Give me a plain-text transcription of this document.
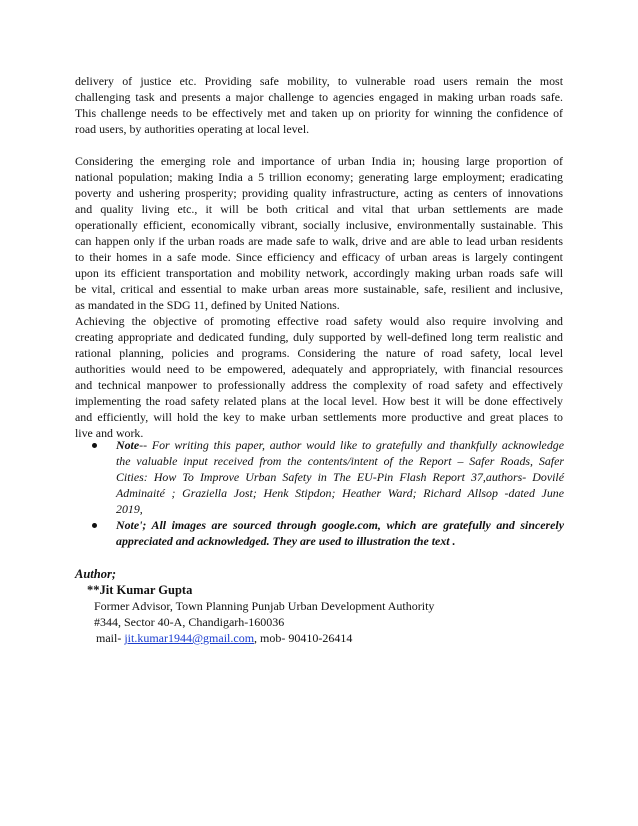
delivery of justice etc. Providing safe mobility, to vulnerable road users remain the most
challenging task and presents a major challenge to agencies engaged in making urban roads safe.
This challenge needs to be effectively met and taken up on priority for winning the confidence of
road users, by authorities operating at local level.
Considering the emerging role and importance of urban India in; housing large proportion of
national population; making India a 5 trillion economy; generating large employment; eradicating
poverty and ushering prosperity; providing quality infrastructure, acting as centers of innovations
and quality living etc., it will be both critical and vital that urban settlements are made
operationally efficient, economically vibrant, socially inclusive, environmentally sustainable. This
can happen only if the urban roads are made safe to walk, drive and are able to lead urban residents
to their homes in a safe mode. Since efficiency and efficacy of urban areas is largely contingent
upon its efficient transportation and mobility network, accordingly making urban roads safe will
be vital, critical and essential to make urban areas more sustainable, safe, resilient and inclusive,
as mandated in the SDG 11, defined by United Nations.
Achieving the objective of promoting effective road safety would also require involving and
creating appropriate and dedicated funding, duly supported by well-defined long term realistic and
rational planning, policies and programs. Considering the nature of road safety, local level
authorities would need to be empowered, adequately and appropriately, with financial resources
and technical manpower to professionally address the complexity of road safety and effectively
implementing the road safety related plans at the local level. How best it will be done effectively
and efficiently, will hold the key to make urban settlements more productive and great places to
live and work.
Note-- For writing this paper, author would like to gratefully and thankfully acknowledge
the valuable input received from the contents/intent of the Report – Safer Roads, Safer
Cities: How To Improve Urban Safety in The EU-Pin Flash Report 37,authors- Dovilé
Adminaité ; Graziella Jost; Henk Stipdon; Heather Ward; Richard Allsop -dated June
2019,
Note'; All images are sourced through google.com, which are gratefully and sincerely
appreciated and acknowledged. They are used to illustration the text .
Author;
**Jit Kumar Gupta
Former Advisor, Town Planning Punjab Urban Development Authority
#344, Sector 40-A, Chandigarh-160036
mail- jit.kumar1944@gmail.com, mob- 90410-26414
